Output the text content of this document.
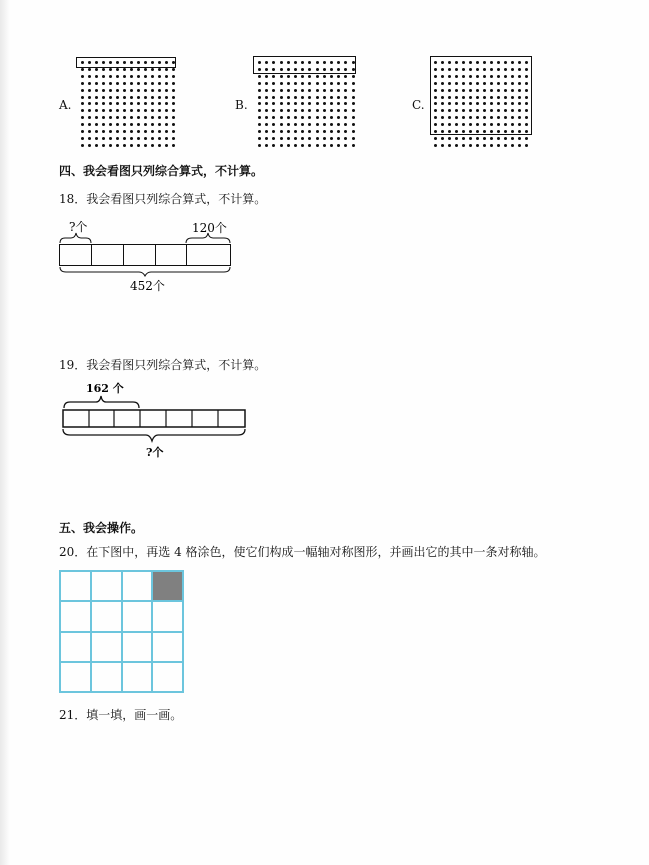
A.	B.	C.
四、我会看图只列综合算式，不计算。
18．我会看图只列综合算式，不计算。
?个	120个
452个
19．我会看图只列综合算式，不计算。
162 个
?个
五、我会操作。
20．在下图中，再选 4 格涂色，使它们构成一幅轴对称图形，并画出它的其中一条对称轴。
21．填一填，画一画。
